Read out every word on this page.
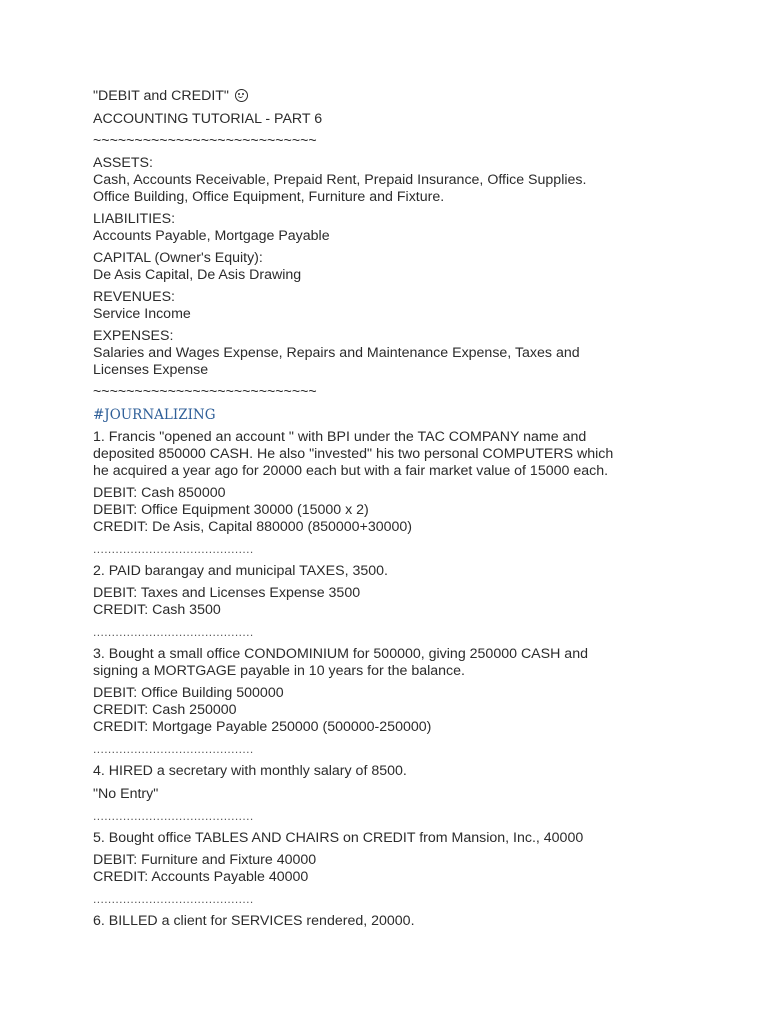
"DEBIT and CREDIT"
ACCOUNTING TUTORIAL - PART 6
~~~~~~~~~~~~~~~~~~~~~~~~~~~
ASSETS:
Cash, Accounts Receivable, Prepaid Rent, Prepaid Insurance, Office Supplies.
Office Building, Office Equipment, Furniture and Fixture.
LIABILITIES:
Accounts Payable, Mortgage Payable
CAPITAL (Owner's Equity):
De Asis Capital, De Asis Drawing
REVENUES:
Service Income
EXPENSES:
Salaries and Wages Expense, Repairs and Maintenance Expense, Taxes and
Licenses Expense
~~~~~~~~~~~~~~~~~~~~~~~~~~~
#JOURNALIZING
1. Francis "opened an account " with BPI under the TAC COMPANY name and
deposited 850000 CASH. He also "invested" his two personal COMPUTERS which
he acquired a year ago for 20000 each but with a fair market value of 15000 each.
DEBIT: Cash 850000
DEBIT: Office Equipment 30000 (15000 x 2)
CREDIT: De Asis, Capital 880000 (850000+30000)
...........................................
2. PAID barangay and municipal TAXES, 3500.
DEBIT: Taxes and Licenses Expense 3500
CREDIT: Cash 3500
...........................................
3. Bought a small office CONDOMINIUM for 500000, giving 250000 CASH and
signing a MORTGAGE payable in 10 years for the balance.
DEBIT: Office Building 500000
CREDIT: Cash 250000
CREDIT: Mortgage Payable 250000 (500000-250000)
...........................................
4. HIRED a secretary with monthly salary of 8500.
"No Entry"
...........................................
5. Bought office TABLES AND CHAIRS on CREDIT from Mansion, Inc., 40000
DEBIT: Furniture and Fixture 40000
CREDIT: Accounts Payable 40000
...........................................
6. BILLED a client for SERVICES rendered, 20000.
